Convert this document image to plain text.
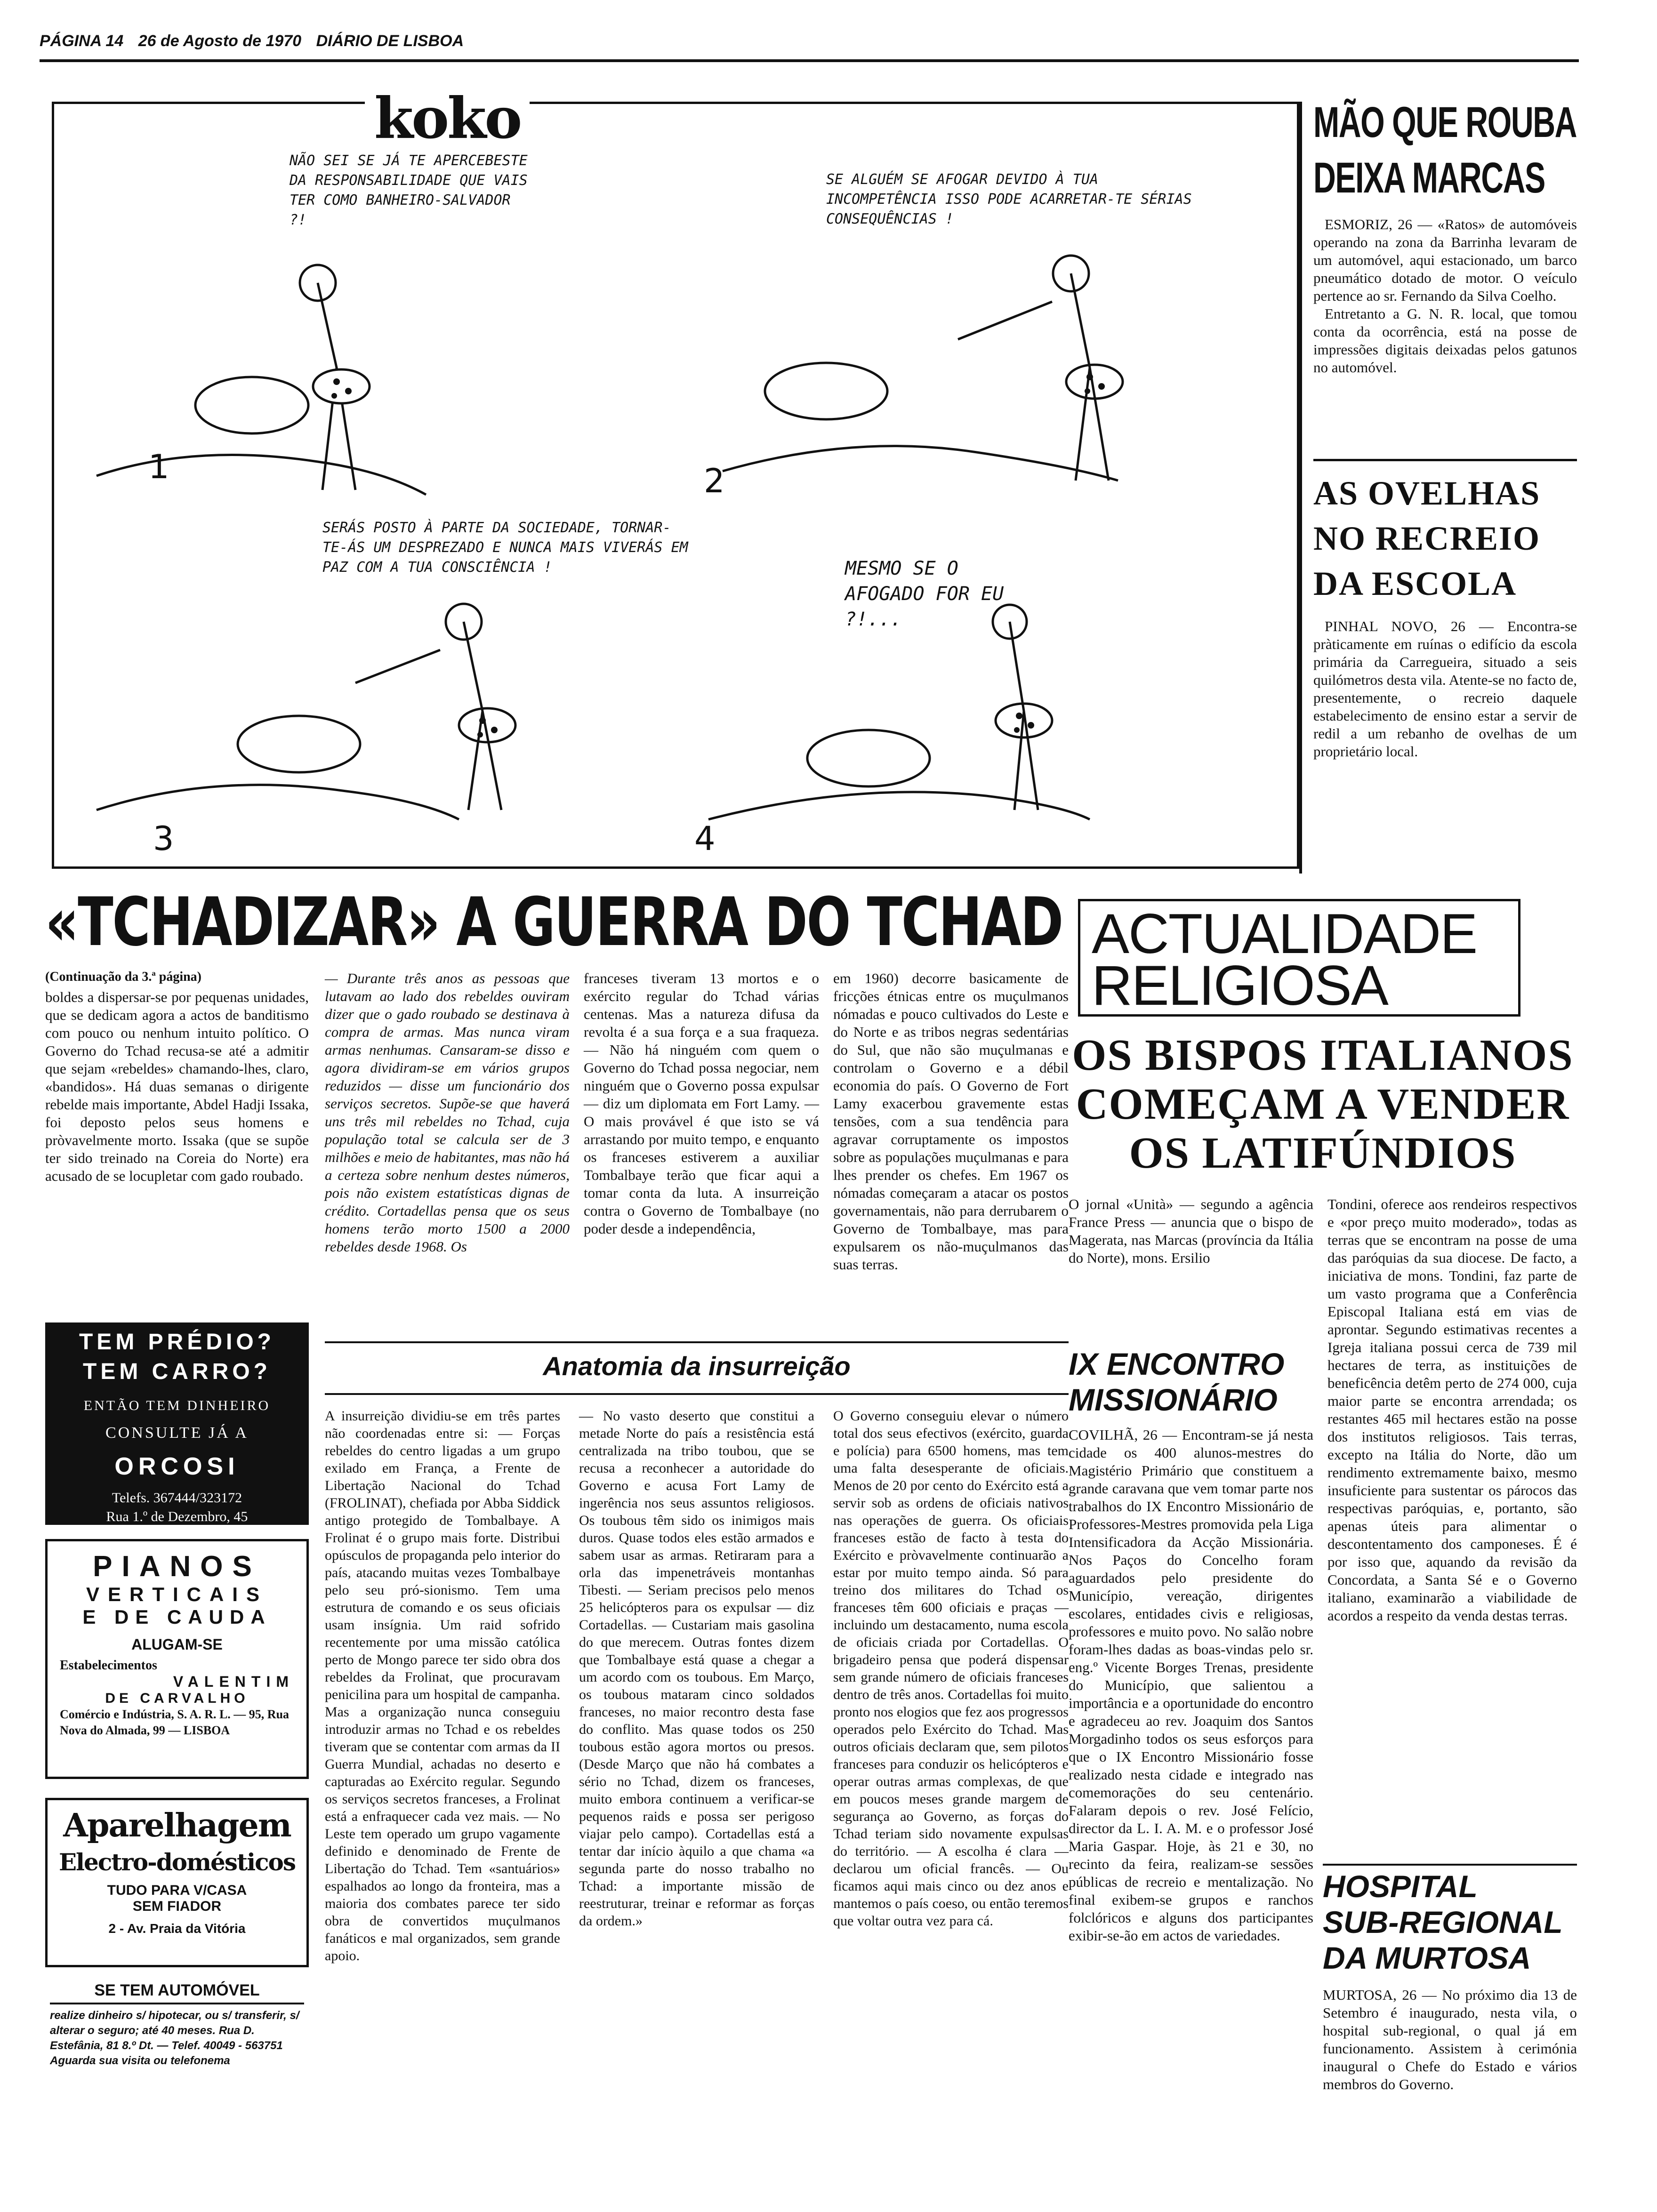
PÁGINA 14 26 de Agosto de 1970 DIÁRIO DE LISBOA
koko
NÃO SEI SE JÁ TE APERCEBESTE DA RESPONSABILIDADE QUE VAIS TER COMO BANHEIRO-SALVADOR ?!
SE ALGUÉM SE AFOGAR DEVIDO À TUA INCOMPETÊNCIA ISSO PODE ACARRETAR-TE SÉRIAS CONSEQUÊNCIAS !
SERÁS POSTO À PARTE DA SOCIEDADE, TORNAR-TE-ÁS UM DESPREZADO E NUNCA MAIS VIVERÁS EM PAZ COM A TUA CONSCIÊNCIA !	MESMO SE O AFOGADO FOR EU ?!...
1	2
3	4
MÃO QUE ROUBA
DEIXA MARCAS
ESMORIZ, 26 — «Ratos» de automóveis operando na zona da Barrinha levaram de um automóvel, aqui estacionado, um barco pneumático dotado de motor. O veículo pertence ao sr. Fernando da Silva Coelho.
Entretanto a G. N. R. local, que tomou conta da ocorrência, está na posse de impressões digitais deixadas pelos gatunos no automóvel.
AS OVELHAS
NO RECREIO
DA ESCOLA
PINHAL NOVO, 26 — Encontra-se pràticamente em ruínas o edifício da escola primária da Carregueira, situado a seis quilómetros desta vila. Atente-se no facto de, presentemente, o recreio daquele estabelecimento de ensino estar a servir de redil a um rebanho de ovelhas de um proprietário local.
«TCHADIZAR» A GUERRA DO TCHAD
(Continuação da 3.ª página)
boldes a dispersar-se por pequenas unidades, que se dedicam agora a actos de banditismo com pouco ou nenhum intuito político. O Governo do Tchad recusa-se até a admitir que sejam «rebeldes» chamando-lhes, claro, «bandidos». Há duas semanas o dirigente rebelde mais importante, Abdel Hadji Issaka, foi deposto pelos seus homens e pròvavelmente morto. Issaka (que se supõe ter sido treinado na Coreia do Norte) era acusado de se locupletar com gado roubado.
— Durante três anos as pessoas que lutavam ao lado dos rebeldes ouviram dizer que o gado roubado se destinava à compra de armas. Mas nunca viram armas nenhumas. Cansaram-se disso e agora dividiram-se em vários grupos reduzidos — disse um funcionário dos serviços secretos. Supõe-se que haverá uns três mil rebeldes no Tchad, cuja população total se calcula ser de 3 milhões e meio de habitantes, mas não há a certeza sobre nenhum destes números, pois não existem estatísticas dignas de crédito. Cortadellas pensa que os seus homens terão morto 1500 a 2000 rebeldes desde 1968. Os
franceses tiveram 13 mortos e o exército regular do Tchad várias centenas. Mas a natureza difusa da revolta é a sua força e a sua fraqueza. — Não há ninguém com quem o Governo do Tchad possa negociar, nem ninguém que o Governo possa expulsar — diz um diplomata em Fort Lamy. — O mais provável é que isto se vá arrastando por muito tempo, e enquanto os franceses estiverem a auxiliar Tombalbaye terão que ficar aqui a tomar conta da luta. A insurreição contra o Governo de Tombalbaye (no poder desde a independência,
em 1960) decorre basicamente de fricções étnicas entre os muçulmanos nómadas e pouco cultivados do Leste e do Norte e as tribos negras sedentárias do Sul, que não são muçulmanas e controlam o Governo e a débil economia do país. O Governo de Fort Lamy exacerbou gravemente estas tensões, com a sua tendência para agravar corruptamente os impostos sobre as populações muçulmanas e para lhes prender os chefes. Em 1967 os nómadas começaram a atacar os postos governamentais, não para derrubarem o Governo de Tombalbaye, mas para expulsarem os não-muçulmanos das suas terras.
TEM PRÉDIO?
TEM CARRO?
ENTÃO TEM DINHEIRO
CONSULTE JÁ A
ORCOSI
Telefs. 367444/323172
Rua 1.º de Dezembro, 45
PIANOS
VERTICAIS
E DE CAUDA
ALUGAM-SE
Estabelecimentos
VALENTIM
DE CARVALHO
Comércio e Indústria, S. A. R. L. — 95, Rua Nova do Almada, 99 — LISBOA
Aparelhagem
Electro-domésticos
TUDO PARA V/CASA
SEM FIADOR
2 - Av. Praia da Vitória
SE TEM AUTOMÓVEL
realize dinheiro s/ hipotecar, ou s/ transferir, s/ alterar o seguro; até 40 meses. Rua D. Estefânia, 81 8.º Dt. — Telef. 40049 - 563751 Aguarda sua visita ou telefonema
Anatomia da insurreição
A insurreição dividiu-se em três partes não coordenadas entre si: — Forças rebeldes do centro ligadas a um grupo exilado em França, a Frente de Libertação Nacional do Tchad (FROLINAT), chefiada por Abba Siddick antigo protegido de Tombalbaye. A Frolinat é o grupo mais forte. Distribui opúsculos de propaganda pelo interior do país, atacando muitas vezes Tombalbaye pelo seu pró-sionismo. Tem uma estrutura de comando e os seus oficiais usam insígnia. Um raid sofrido recentemente por uma missão católica perto de Mongo parece ter sido obra dos rebeldes da Frolinat, que procuravam penicilina para um hospital de campanha. Mas a organização nunca conseguiu introduzir armas no Tchad e os rebeldes tiveram que se contentar com armas da II Guerra Mundial, achadas no deserto e capturadas ao Exército regular. Segundo os serviços secretos franceses, a Frolinat está a enfraquecer cada vez mais. — No Leste tem operado um grupo vagamente definido e denominado de Frente de Libertação do Tchad. Tem «santuários» espalhados ao longo da fronteira, mas a maioria dos combates parece ter sido obra de convertidos muçulmanos fanáticos e mal organizados, sem grande apoio.
— No vasto deserto que constitui a metade Norte do país a resistência está centralizada na tribo toubou, que se recusa a reconhecer a autoridade do Governo e acusa Fort Lamy de ingerência nos seus assuntos religiosos. Os toubous têm sido os inimigos mais duros. Quase todos eles estão armados e sabem usar as armas. Retiraram para a orla das impenetráveis montanhas Tibesti. — Seriam precisos pelo menos 25 helicópteros para os expulsar — diz Cortadellas. — Custariam mais gasolina do que merecem. Outras fontes dizem que Tombalbaye está quase a chegar a um acordo com os toubous. Em Março, os toubous mataram cinco soldados franceses, no maior recontro desta fase do conflito. Mas quase todos os 250 toubous estão agora mortos ou presos. (Desde Março que não há combates a sério no Tchad, dizem os franceses, muito embora continuem a verificar-se pequenos raids e possa ser perigoso viajar pelo campo). Cortadellas está a tentar dar início àquilo a que chama «a segunda parte do nosso trabalho no Tchad: a importante missão de reestruturar, treinar e reformar as forças da ordem.»
O Governo conseguiu elevar o número total dos seus efectivos (exército, guarda e polícia) para 6500 homens, mas tem uma falta desesperante de oficiais. Menos de 20 por cento do Exército está a servir sob as ordens de oficiais nativos nas operações de guerra. Os oficiais franceses estão de facto à testa do Exército e pròvavelmente continuarão a estar por muito tempo ainda. Só para treino dos militares do Tchad os franceses têm 600 oficiais e praças — incluindo um destacamento, numa escola de oficiais criada por Cortadellas. O brigadeiro pensa que poderá dispensar sem grande número de oficiais franceses dentro de três anos. Cortadellas foi muito pronto nos elogios que fez aos progressos operados pelo Exército do Tchad. Mas outros oficiais declaram que, sem pilotos franceses para conduzir os helicópteros e operar outras armas complexas, de que em poucos meses grande margem de segurança ao Governo, as forças do Tchad teriam sido novamente expulsas do território. — A escolha é clara — declarou um oficial francês. — Ou ficamos aqui mais cinco ou dez anos e mantemos o país coeso, ou então teremos que voltar outra vez para cá.
ACTUALIDADE RELIGIOSA
OS BISPOS ITALIANOS
COMEÇAM A VENDER
OS LATIFÚNDIOS
O jornal «Unità» — segundo a agência France Press — anuncia que o bispo de Magerata, nas Marcas (província da Itália do Norte), mons. Ersilio
Tondini, oferece aos rendeiros respectivos e «por preço muito moderado», todas as terras que se encontram na posse de uma das paróquias da sua diocese. De facto, a iniciativa de mons. Tondini, faz parte de um vasto programa que a Conferência Episcopal Italiana está em vias de aprontar. Segundo estimativas recentes a Igreja italiana possui cerca de 739 mil hectares de terra, as instituições de beneficência detêm perto de 274 000, cuja maior parte se encontra arrendada; os restantes 465 mil hectares estão na posse dos institutos religiosos. Tais terras, excepto na Itália do Norte, dão um rendimento extremamente baixo, mesmo insuficiente para sustentar os párocos das respectivas paróquias, e, portanto, são apenas úteis para alimentar o descontentamento dos camponeses. É é por isso que, aquando da revisão da Concordata, a Santa Sé e o Governo italiano, examinarão a viabilidade de acordos a respeito da venda destas terras.
IX ENCONTRO
MISSIONÁRIO
COVILHÃ, 26 — Encontram-se já nesta cidade os 400 alunos-mestres do Magistério Primário que constituem a grande caravana que vem tomar parte nos trabalhos do IX Encontro Missionário de Professores-Mestres promovida pela Liga Intensificadora da Acção Missionária. Nos Paços do Concelho foram aguardados pelo presidente do Município, vereação, dirigentes escolares, entidades civis e religiosas, professores e muito povo. No salão nobre foram-lhes dadas as boas-vindas pelo sr. eng.º Vicente Borges Trenas, presidente do Município, que salientou a importância e a oportunidade do encontro e agradeceu ao rev. Joaquim dos Santos Morgadinho todos os seus esforços para que o IX Encontro Missionário fosse realizado nesta cidade e integrado nas comemorações do seu centenário. Falaram depois o rev. José Felício, director da L. I. A. M. e o professor José Maria Gaspar. Hoje, às 21 e 30, no recinto da feira, realizam-se sessões públicas de recreio e mentalização. No final exibem-se grupos e ranchos folclóricos e alguns dos participantes exibir-se-ão em actos de variedades.
HOSPITAL
SUB-REGIONAL
DA MURTOSA
MURTOSA, 26 — No próximo dia 13 de Setembro é inaugurado, nesta vila, o hospital sub-regional, o qual já em funcionamento. Assistem à cerimónia inaugural o Chefe do Estado e vários membros do Governo.
